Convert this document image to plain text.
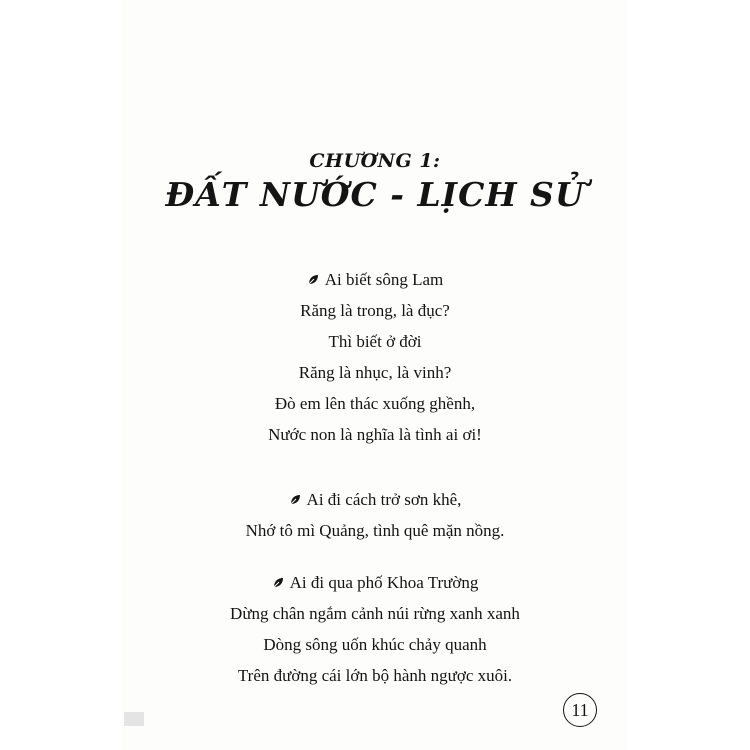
CHƯƠNG 1:
ĐẤT NƯỚC - LỊCH SỬ
Ai biết sông Lam
Răng là trong, là đục?
Thì biết ở đời
Răng là nhục, là vinh?
Đò em lên thác xuống ghềnh,
Nước non là nghĩa là tình ai ơi!
Ai đi cách trở sơn khê,
Nhớ tô mì Quảng, tình quê mặn nồng.
Ai đi qua phố Khoa Trường
Dừng chân ngắm cảnh núi rừng xanh xanh
Dòng sông uốn khúc chảy quanh
Trên đường cái lớn bộ hành ngược xuôi.
11
